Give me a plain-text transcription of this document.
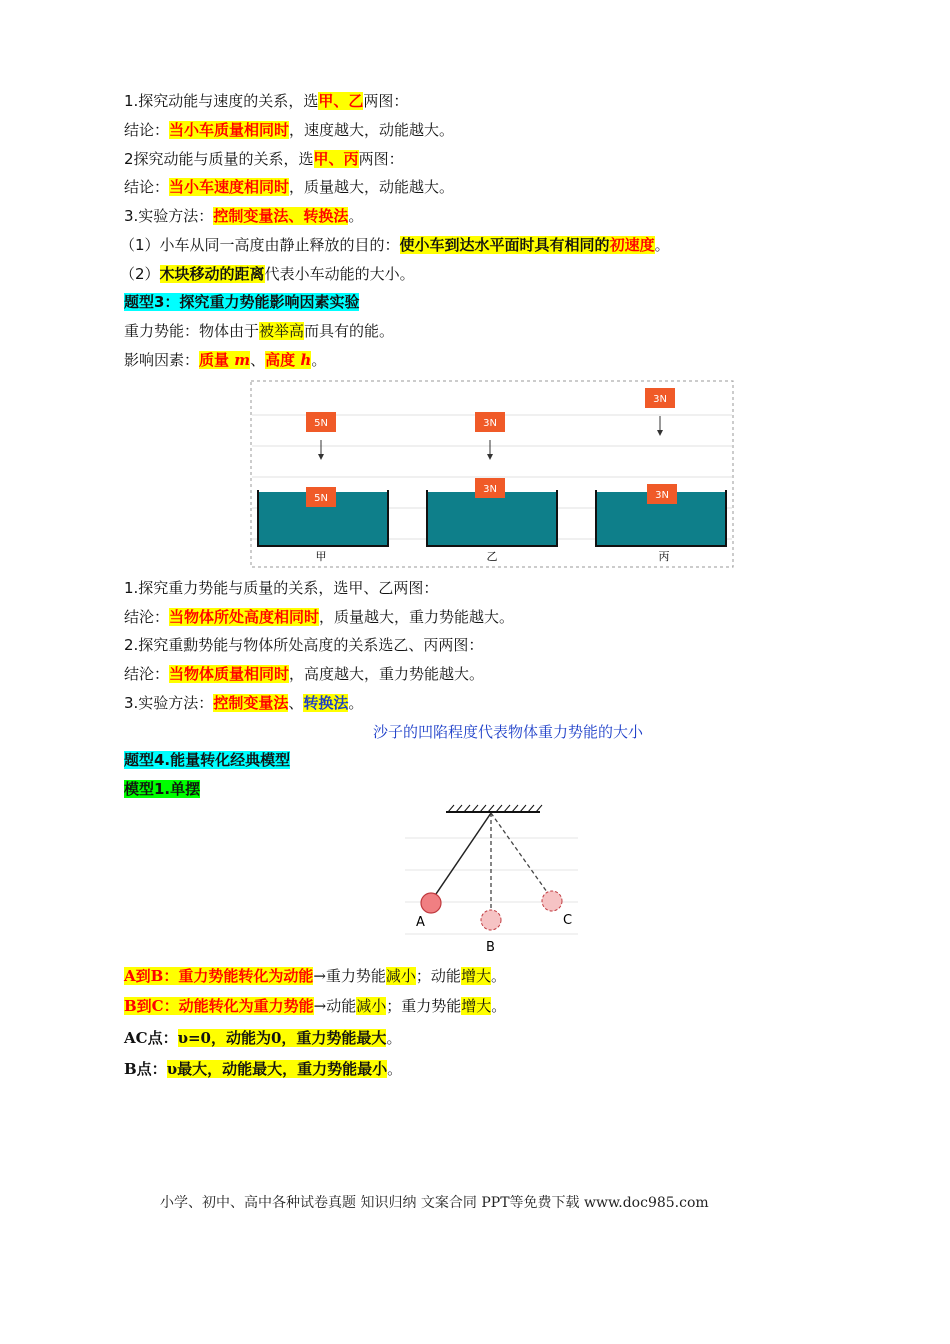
1.探究动能与速度的关系，选甲、乙两图：
结论：当小车质量相同时，速度越大，动能越大。
2探究动能与质量的关系，选甲、丙两图：
结论：当小车速度相同时，质量越大，动能越大。
3.实验方法：控制变量法、转换法。
（1）小车从同一高度由静止释放的目的：使小车到达水平面时具有相同的初速度。
（2）木块移动的距离代表小车动能的大小。
题型3：探究重力势能影响因素实验
重力势能：物体由于被举高而具有的能。
影响因素：质量 m、高度 h。
5N
3N
3N
5N	3N
3N
甲	乙	丙
1.探究重力势能与质量的关系，选甲、乙两图：
结沦：当物体所处高度相同时，质量越大，重力势能越大。
2.探究重勳势能与物体所处高度的关系选乙、丙两图：
结沦：当物体质量相同时，高度越大，重力势能越大。
3.实验方法：控制变量法、转换法。
沙子的凹陷程度代表物体重力势能的大小
题型4.能量转化经典模型
模型1.单摆
A
B
C
A到B：重力势能转化为动能→重力势能减小；动能增大。
B到C：动能转化为重力势能→动能减小；重力势能增大。
AC点：υ=0，动能为0，重力势能最大。
B点：υ最大，动能最大，重力势能最小。
小学、初中、高中各种试卷真题 知识归纳 文案合同 PPT等免费下载 www.doc985.com
